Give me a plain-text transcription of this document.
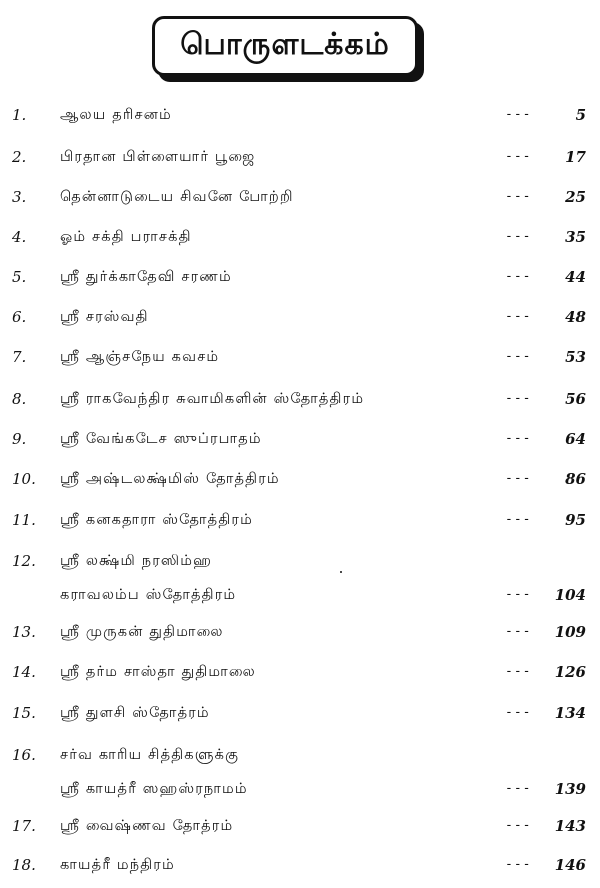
பொருளடக்கம்
1.	ஆலய தரிசனம்	---	5
2.	பிரதான பிள்ளையார் பூஜை	---	17
3.	தென்னாடுடைய சிவனே போற்றி	---	25
4.	ஓம் சக்தி பராசக்தி	---	35
5.	ஸ்ரீ துர்க்காதேவி சரணம்	---	44
6.	ஸ்ரீ சரஸ்வதி	---	48
7.	ஸ்ரீ ஆஞ்சநேய கவசம்	---	53
8.	ஸ்ரீ ராகவேந்திர சுவாமிகளின் ஸ்தோத்திரம்	---	56
9.	ஸ்ரீ வேங்கடேச ஸுப்ரபாதம்	---	64
10.	ஸ்ரீ அஷ்டலக்ஷ்மிஸ் தோத்திரம்	---	86
11.	ஸ்ரீ கனகதாரா ஸ்தோத்திரம்	---	95
12.	ஸ்ரீ லக்ஷ்மி நரஸிம்ஹ
கராவலம்ப ஸ்தோத்திரம்	---	104
13.	ஸ்ரீ முருகன் துதிமாலை	---	109
14.	ஸ்ரீ தர்ம சாஸ்தா துதிமாலை	---	126
15.	ஸ்ரீ துளசி ஸ்தோத்ரம்	---	134
16.	சர்வ காரிய சித்திகளுக்கு
ஸ்ரீ காயத்ரீ ஸஹஸ்ரநாமம்	---	139
17.	ஸ்ரீ வைஷ்ணவ தோத்ரம்	---	143
18.	காயத்ரீ மந்திரம்	---	146
